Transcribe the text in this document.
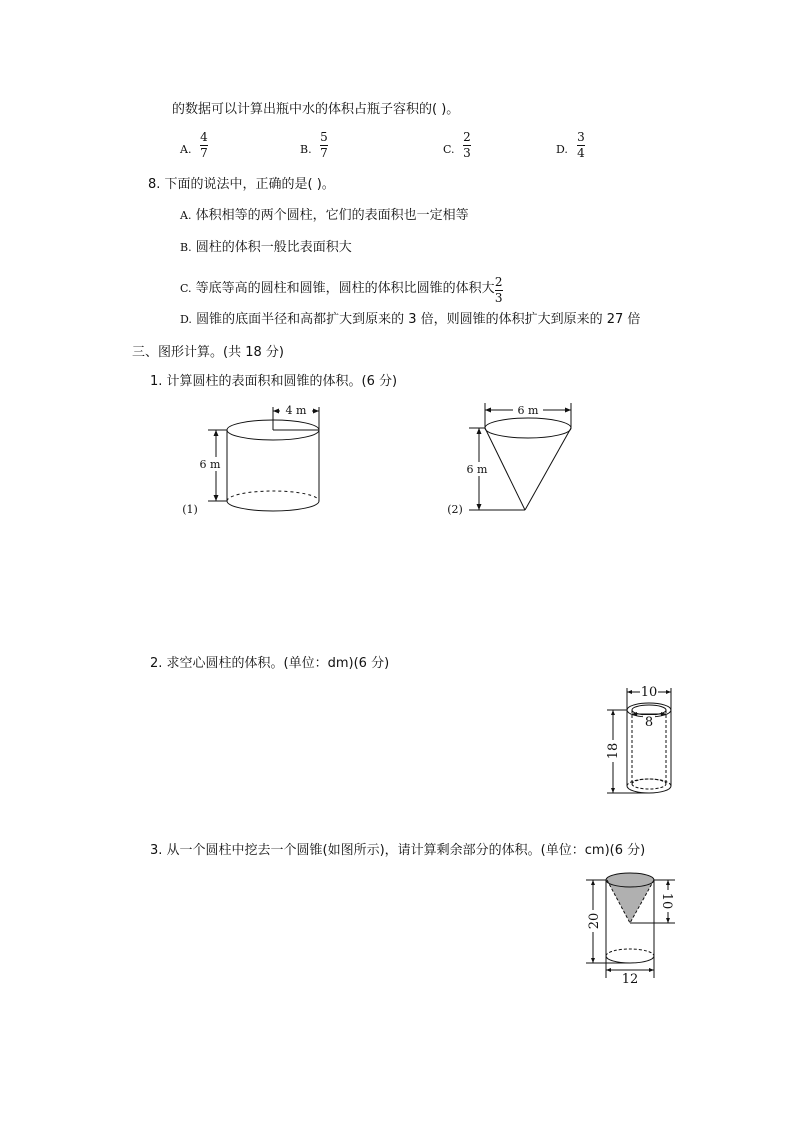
的数据可以计算出瓶中水的体积占瓶子容积的( )。
A.
4
7	B.
5
7	C.
2
3	D.
3
4
8. 下面的说法中，正确的是( )。
A. 体积相等的两个圆柱，它们的表面积也一定相等
B. 圆柱的体积一般比表面积大
C. 等底等高的圆柱和圆锥，圆柱的体积比圆锥的体积大 $\frac{2}{3}$
D. 圆锥的底面半径和高都扩大到原来的 3 倍，则圆锥的体积扩大到原来的 27 倍
三、图形计算。(共 18 分)
1. 计算圆柱的表面积和圆锥的体积。(6 分)
4 m
6 m
(1)
6 m
6 m
(2)
2. 求空心圆柱的体积。(单位：dm)(6 分)
10
8
18
3. 从一个圆柱中挖去一个圆锥(如图所示)，请计算剩余部分的体积。(单位：cm)(6 分)
20
10
12
